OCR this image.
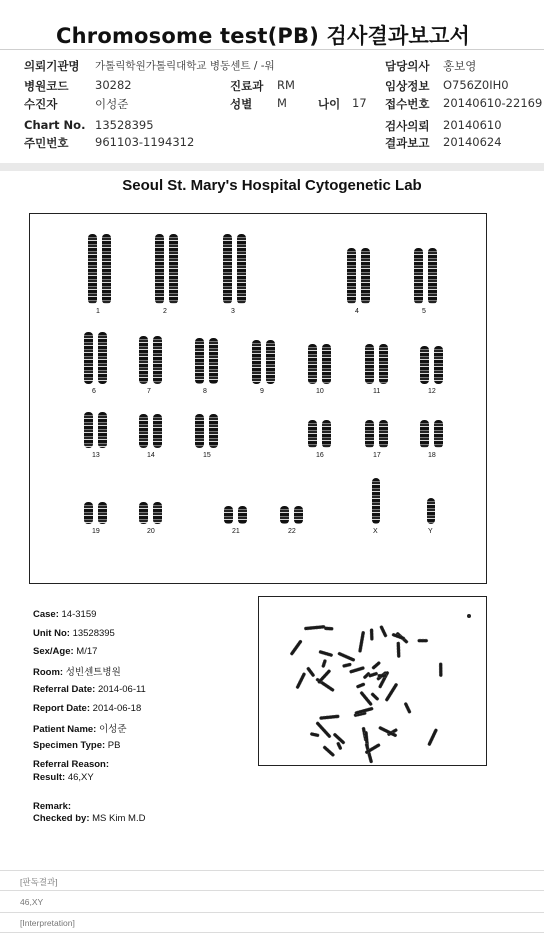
Chromosome test(PB) 검사결과보고서
의뢰기관명 가톨릭학원가톨릭대학교 병동센트 / -워	담당의사 홍보영
병원코드 30282	진료과 RM	임상정보 O756Z0IH0
수진자	이성준	성별 M	나이 17 접수번호 20140610-22169
Chart No. 13528395	검사의뢰 20140610
주민번호 961103-1194312	결과보고 20140624
Seoul St. Mary's Hospital Cytogenetic Lab
1	2	3	4	5
6	7	8	9	10	11	12
13	14	15	16	17	18
19	20	21	22	X	Y
Case: 14-3159
Unit No: 13528395
Sex/Age: M/17
Room: 성빈센트병원
Referral Date: 2014-06-11
Report Date: 2014-06-18
Patient Name: 이성준
Specimen Type: PB
Referral Reason:
Result: 46,XY
Remark:
Checked by: MS Kim M.D
[판독결과]
46,XY
[Interpretation]
